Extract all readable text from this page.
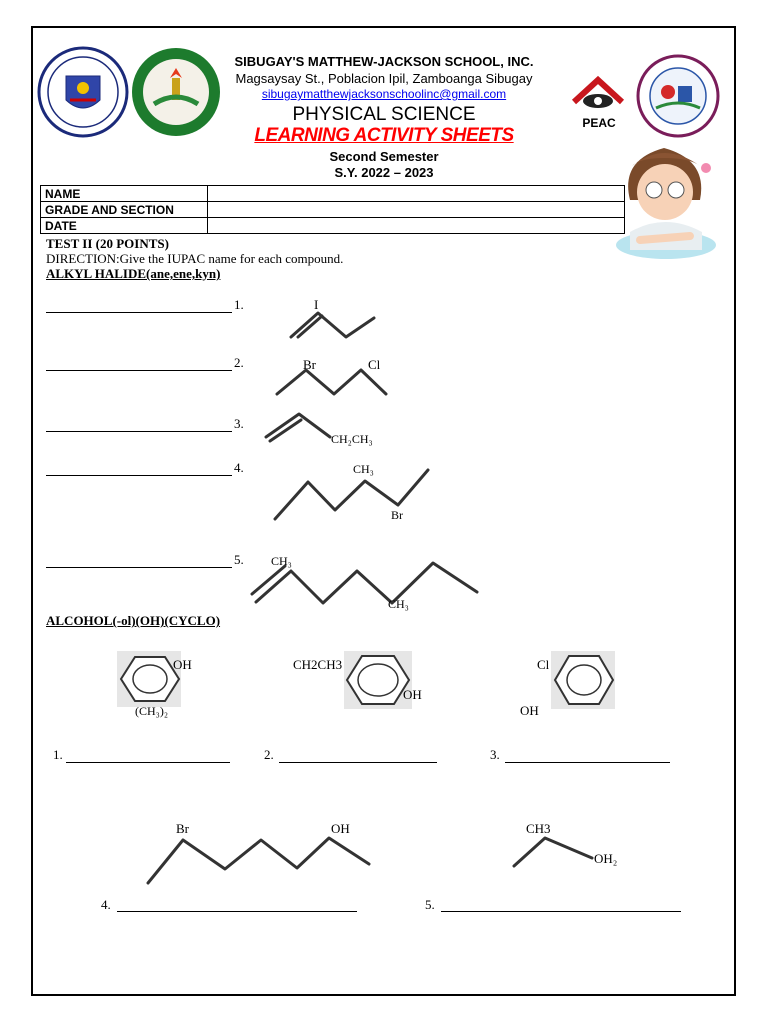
SIBUGAY'S MATTHEW-JACKSON SCHOOL, INC.
Magsaysay St., Poblacion Ipil, Zamboanga Sibugay
sibugaymatthewjacksonschoolinc@gmail.com
PHYSICAL SCIENCE
LEARNING ACTIVITY SHEETS
Second Semester
S.Y. 2022 – 2023
PEAC
NAME	
GRADE AND SECTION	
DATE	
TEST II (20 POINTS)
DIRECTION:Give the IUPAC name for each compound.
ALKYL HALIDE(ane,ene,kyn)
1.
2.
3.
4.
5.
I
Br	Cl
CH₂CH₃
CH₃
Br
CH₃
CH₃
ALCOHOL(-ol)(OH)(CYCLO)
OH
(CH₃)₂
CH2CH3
OH
Cl
OH
1.	2.	3.
Br	OH	CH3
OH₂
4.	5.
